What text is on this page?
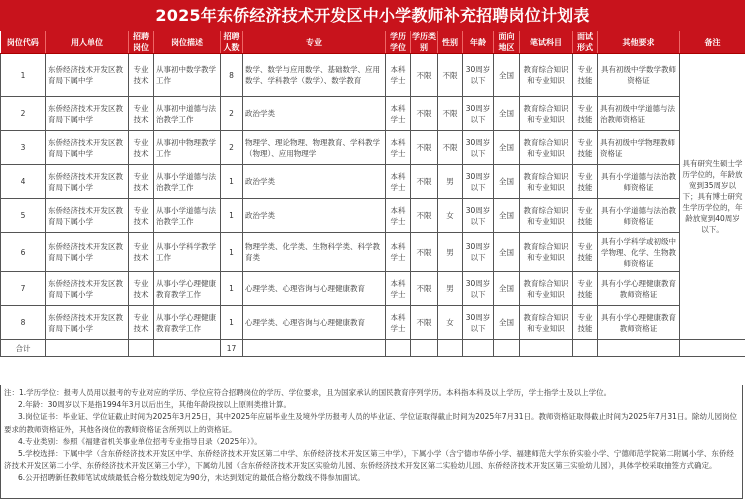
2025年东侨经济技术开发区中小学教师补充招聘岗位计划表
岗位代码	用人单位	招聘岗位	岗位描述	招聘人数	专业	学历学位	学历类别	性别	年龄	面向地区	笔试科目	面试形式	其他要求	备注
1	东侨经济技术开发区教育局下属中学	专业技术	从事初中数学教学工作	8	数学、数学与应用数学、基础数学、应用数学、学科教学（数学）、数学教育	本科学士	不限	不限	30周岁以下	全国	教育综合知识和专业知识	专业技能	具有初级中学数学教师资格证	具有研究生硕士学历学位的，年龄放宽到35周岁以下；具有博士研究生学历学位的，年龄放宽到40周岁以下。
2	东侨经济技术开发区教育局下属中学	专业技术	从事初中道德与法治教学工作	2	政治学类	本科学士	不限	不限	30周岁以下	全国	教育综合知识和专业知识	专业技能	具有初级中学道德与法治教师资格证	
3	东侨经济技术开发区教育局下属中学	专业技术	从事初中物理教学工作	2	物理学、理论物理、物理教育、学科教学（物理）、应用物理学	本科学士	不限	不限	30周岁以下	全国	教育综合知识和专业知识	专业技能	具有初级中学物理教师资格证	
4	东侨经济技术开发区教育局下属小学	专业技术	从事小学道德与法治教学工作	1	政治学类	本科学士	不限	男	30周岁以下	全国	教育综合知识和专业知识	专业技能	具有小学道德与法治教师资格证	
5	东侨经济技术开发区教育局下属小学	专业技术	从事小学道德与法治教学工作	1	政治学类	本科学士	不限	女	30周岁以下	全国	教育综合知识和专业知识	专业技能	具有小学道德与法治教师资格证	
6	东侨经济技术开发区教育局下属小学	专业技术	从事小学科学教学工作	1	物理学类、化学类、生物科学类、科学教育类	本科学士	不限	男	30周岁以下	全国	教育综合知识和专业知识	专业技能	具有小学科学或初级中学物理、化学、生物教师资格证	
7	东侨经济技术开发区教育局下属小学	专业技术	从事小学心理健康教育教学工作	1	心理学类、心理咨询与心理健康教育	本科学士	不限	男	30周岁以下	全国	教育综合知识和专业知识	专业技能	具有小学心理健康教育教师资格证	
8	东侨经济技术开发区教育局下属小学	专业技术	从事小学心理健康教育教学工作	1	心理学类、心理咨询与心理健康教育	本科学士	不限	女	30周岁以下	全国	教育综合知识和专业知识	专业技能	具有小学心理健康教育教师资格证	
合计				17										

注：1.学历学位：报考人员用以报考的专业对应的学历、学位应符合招聘岗位的学历、学位要求，且为国家承认的国民教育序列学历。本科指本科及以上学历，学士指学士及以上学位。

2.年龄：30周岁以下是指1994年3月以后出生，其他年龄段按以上原则类推计算。

3.岗位证书：毕业证、学位证截止时间为2025年3月25日，其中2025年应届毕业生及境外学历报考人员的毕业证、学位证取得截止时间为2025年7月31日。教师资格证取得截止时间为2025年7月31日。除幼儿园岗位要求的教师资格证外，其他各岗位的教师资格证含所列以上的资格证。

4.专业类别：参照《福建省机关事业单位招考专业指导目录（2025年）》。

5.学校选择：下属中学（含东侨经济技术开发区中学、东侨经济技术开发区第二中学、东侨经济技术开发区第三中学），下属小学（含宁德市华侨小学、福建师范大学东侨实验小学、宁德师范学院第二附属小学、东侨经济技术开发区第二小学、东侨经济技术开发区第三小学），下属幼儿园（含东侨经济技术开发区实验幼儿园、东侨经济技术开发区第二实验幼儿园、东侨经济技术开发区第三实验幼儿园），具体学校采取抽签方式确定。

6.公开招聘新任教师笔试成绩最低合格分数线划定为90分，未达到划定的最低合格分数线不得参加面试。
